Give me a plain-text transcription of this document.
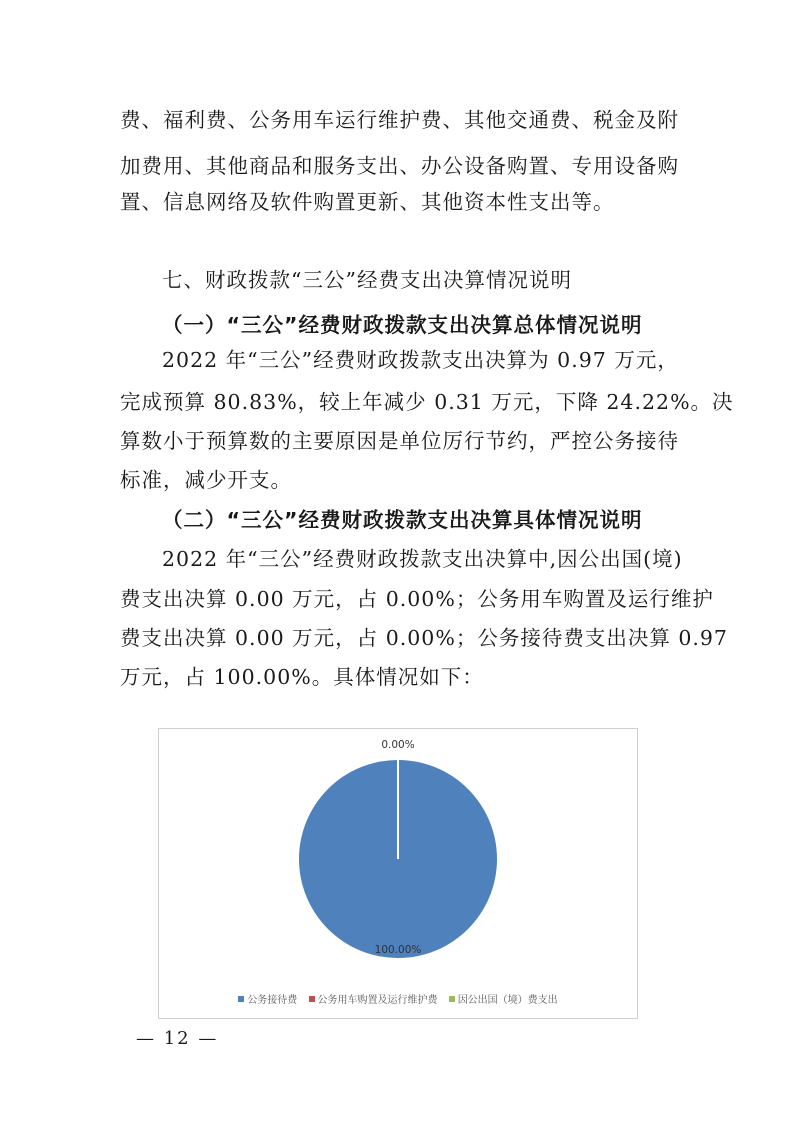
费、福利费、公务用车运行维护费、其他交通费、税金及附
加费用、其他商品和服务支出、办公设备购置、专用设备购
置、信息网络及软件购置更新、其他资本性支出等。
七、财政拨款“三公”经费支出决算情况说明
（一）“三公”经费财政拨款支出决算总体情况说明
2022 年“三公”经费财政拨款支出决算为 0.97 万元，
完成预算 80.83%，较上年减少 0.31 万元，下降 24.22%。决
算数小于预算数的主要原因是单位厉行节约，严控公务接待
标准，减少开支。
（二）“三公”经费财政拨款支出决算具体情况说明
2022 年“三公”经费财政拨款支出决算中,因公出国(境)
费支出决算 0.00 万元，占 0.00%；公务用车购置及运行维护
费支出决算 0.00 万元，占 0.00%；公务接待费支出决算 0.97
万元，占 100.00%。具体情况如下：
0.00%
100.00%
公务接待费 公务用车购置及运行维护费 因公出国（境）费支出
— 12 —
